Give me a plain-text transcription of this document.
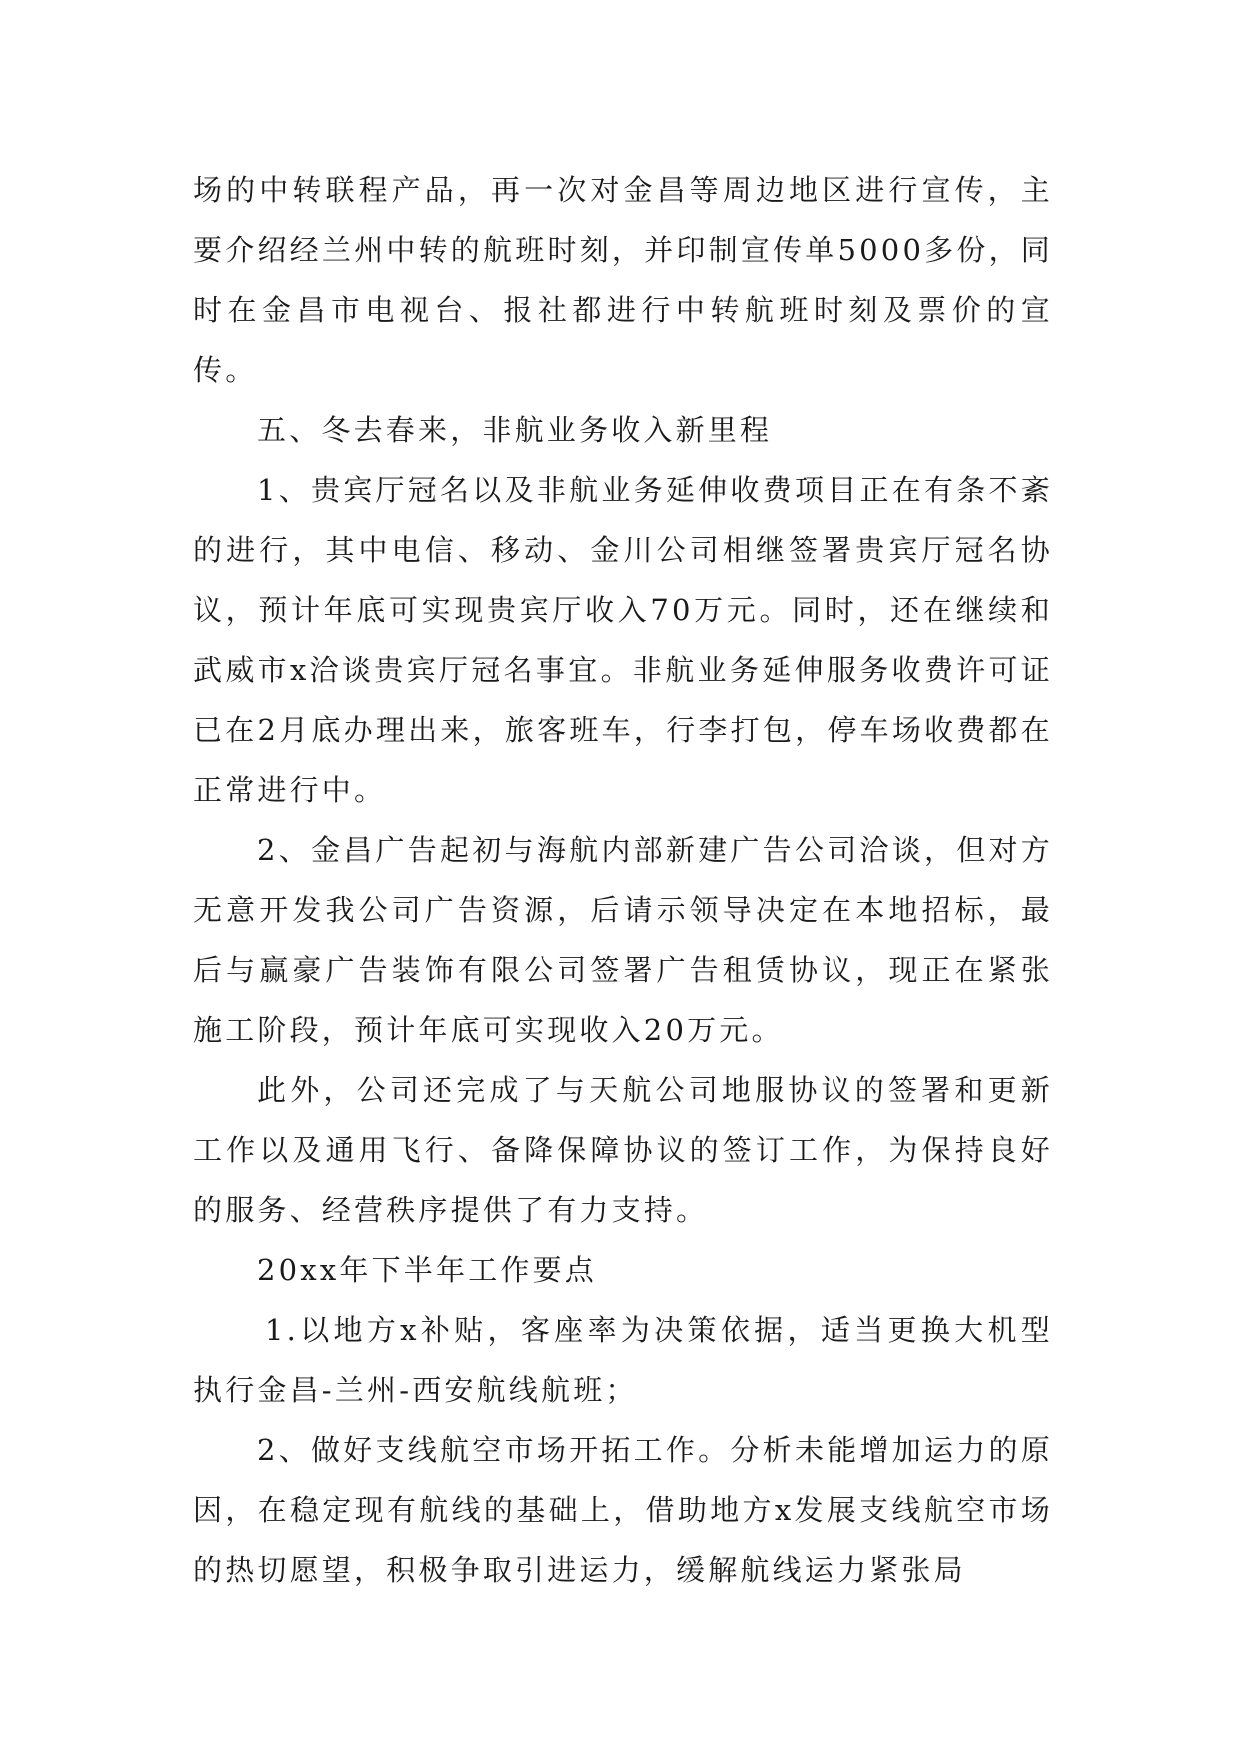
场的中转联程产品，再一次对金昌等周边地区进行宣传，主要介绍经兰州中转的航班时刻，并印制宣传单5000多份，同时在金昌市电视台、报社都进行中转航班时刻及票价的宣传。

五、冬去春来，非航业务收入新里程

1、贵宾厅冠名以及非航业务延伸收费项目正在有条不紊的进行，其中电信、移动、金川公司相继签署贵宾厅冠名协议，预计年底可实现贵宾厅收入70万元。同时，还在继续和武威市x洽谈贵宾厅冠名事宜。非航业务延伸服务收费许可证已在2月底办理出来，旅客班车，行李打包，停车场收费都在正常进行中。

2、金昌广告起初与海航内部新建广告公司洽谈，但对方无意开发我公司广告资源，后请示领导决定在本地招标，最后与赢豪广告装饰有限公司签署广告租赁协议，现正在紧张施工阶段，预计年底可实现收入20万元。

此外，公司还完成了与天航公司地服协议的签署和更新工作以及通用飞行、备降保障协议的签订工作，为保持良好的服务、经营秩序提供了有力支持。

20xx年下半年工作要点

1.以地方x补贴，客座率为决策依据，适当更换大机型执行金昌-兰州-西安航线航班；

2、做好支线航空市场开拓工作。分析未能增加运力的原因，在稳定现有航线的基础上，借助地方x发展支线航空市场的热切愿望，积极争取引进运力，缓解航线运力紧张局
